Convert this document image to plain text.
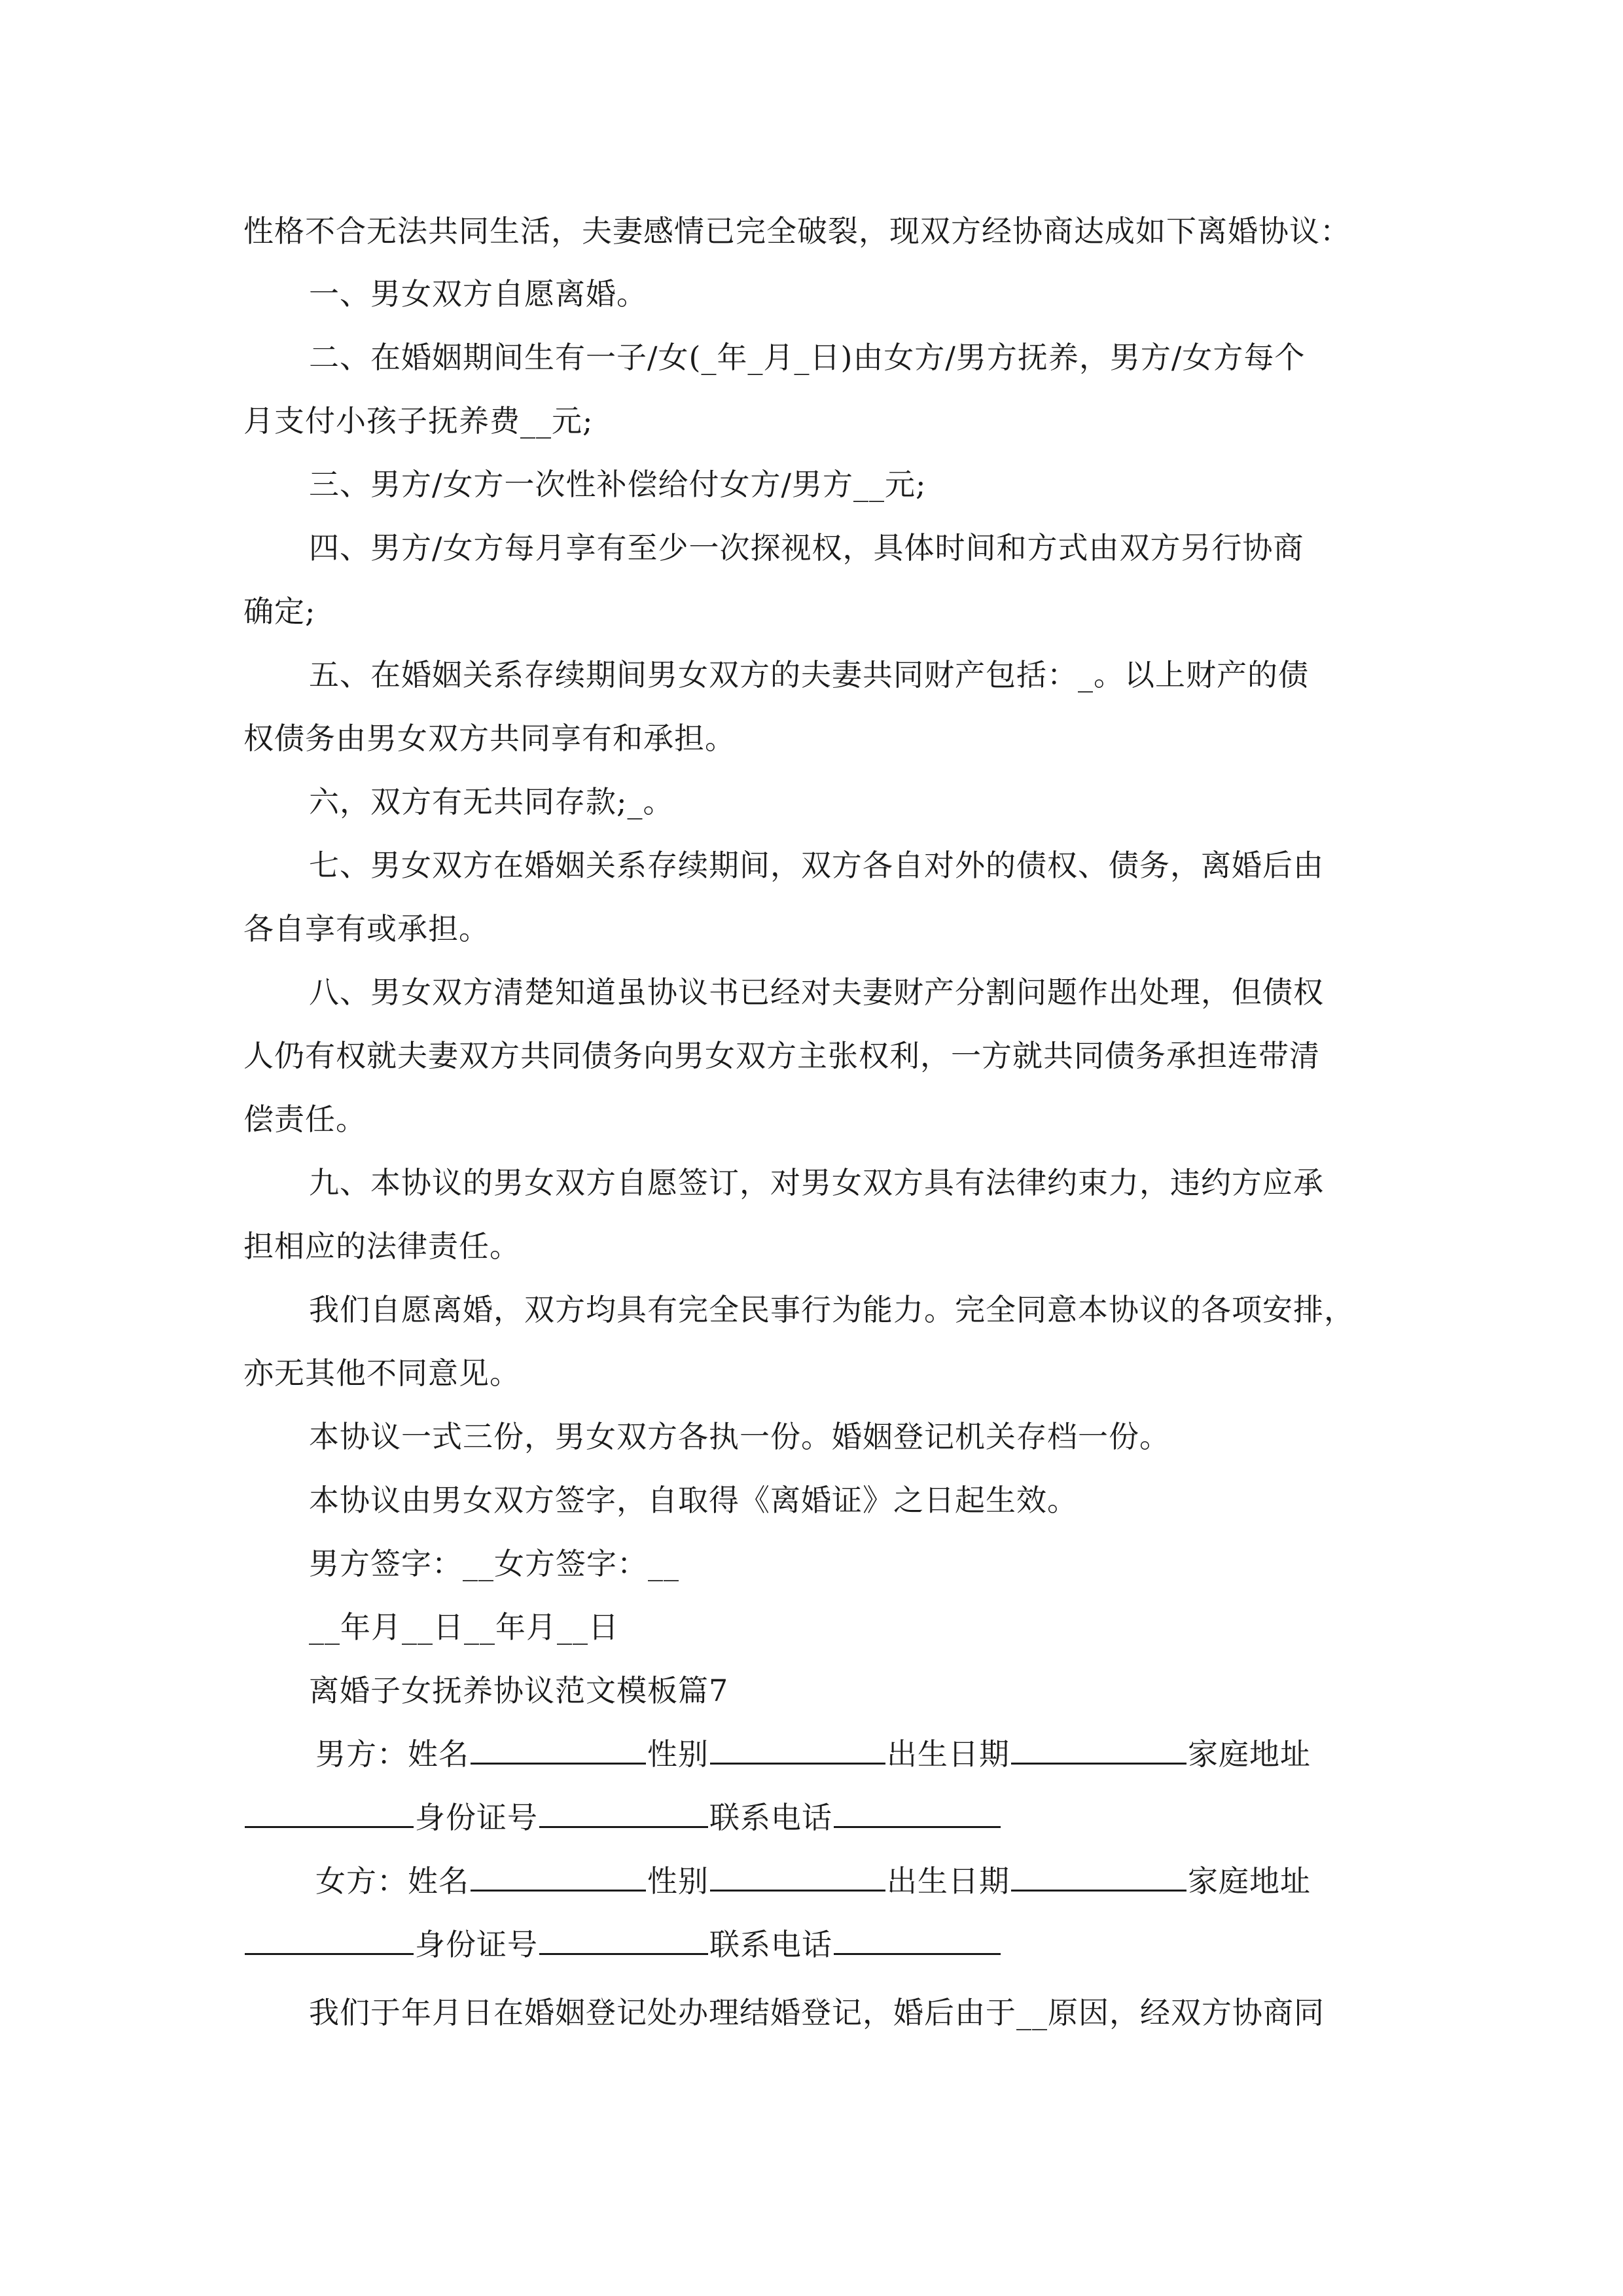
性格不合无法共同生活，夫妻感情已完全破裂，现双方经协商达成如下离婚协议：
一、男女双方自愿离婚。
二、在婚姻期间生有一子/女(_年_月_日)由女方/男方抚养，男方/女方每个
月支付小孩子抚养费__元;
三、男方/女方一次性补偿给付女方/男方__元;
四、男方/女方每月享有至少一次探视权，具体时间和方式由双方另行协商
确定;
五、在婚姻关系存续期间男女双方的夫妻共同财产包括：_。以上财产的债
权债务由男女双方共同享有和承担。
六，双方有无共同存款;_。
七、男女双方在婚姻关系存续期间，双方各自对外的债权、债务，离婚后由
各自享有或承担。
八、男女双方清楚知道虽协议书已经对夫妻财产分割问题作出处理，但债权
人仍有权就夫妻双方共同债务向男女双方主张权利，一方就共同债务承担连带清
偿责任。
九、本协议的男女双方自愿签订，对男女双方具有法律约束力，违约方应承
担相应的法律责任。
我们自愿离婚，双方均具有完全民事行为能力。完全同意本协议的各项安排，
亦无其他不同意见。
本协议一式三份，男女双方各执一份。婚姻登记机关存档一份。
本协议由男女双方签字，自取得《离婚证》之日起生效。
男方签字：__女方签字：__
__年月__日__年月__日
离婚子女抚养协议范文模板篇7
男方：姓名	性别	出生日期	家庭地址
身份证号	联系电话
女方：姓名	性别	出生日期	家庭地址
身份证号	联系电话
我们于年月日在婚姻登记处办理结婚登记，婚后由于__原因，经双方协商同
